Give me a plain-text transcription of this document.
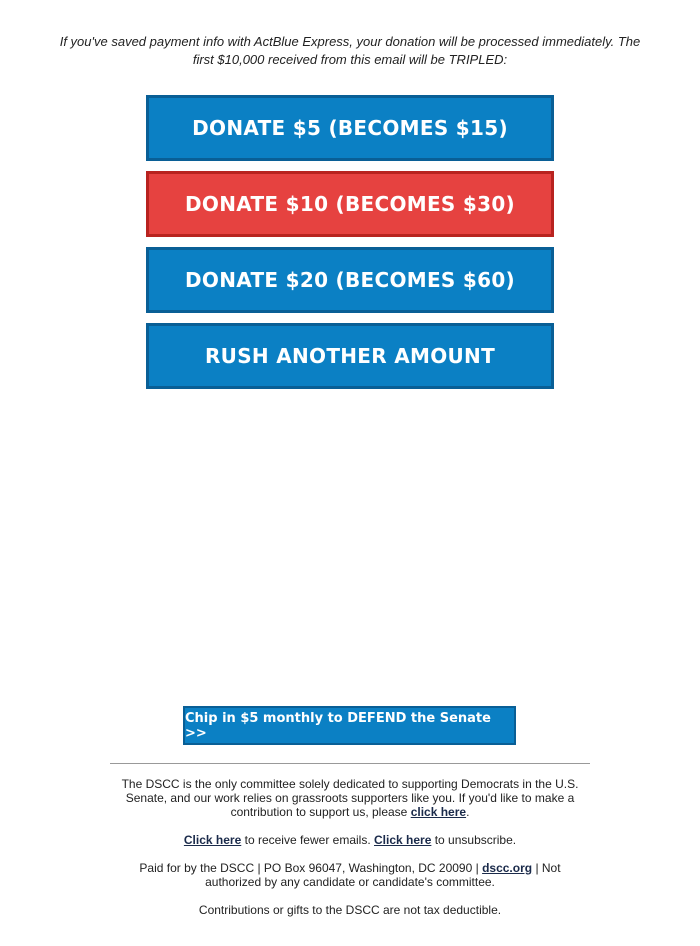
If you've saved payment info with ActBlue Express, your donation will be processed immediately. The
first $10,000 received from this email will be TRIPLED:
DONATE $5 (BECOMES $15)
DONATE $10 (BECOMES $30)
DONATE $20 (BECOMES $60)
RUSH ANOTHER AMOUNT
Chip in $5 monthly to DEFEND the Senate >>
The DSCC is the only committee solely dedicated to supporting Democrats in the U.S. Senate, and our work relies on grassroots supporters like you. If you'd like to make a contribution to support us, please click here.
Click here to receive fewer emails. Click here to unsubscribe.
Paid for by the DSCC | PO Box 96047, Washington, DC 20090 | dscc.org | Not authorized by any candidate or candidate's committee.
Contributions or gifts to the DSCC are not tax deductible.
